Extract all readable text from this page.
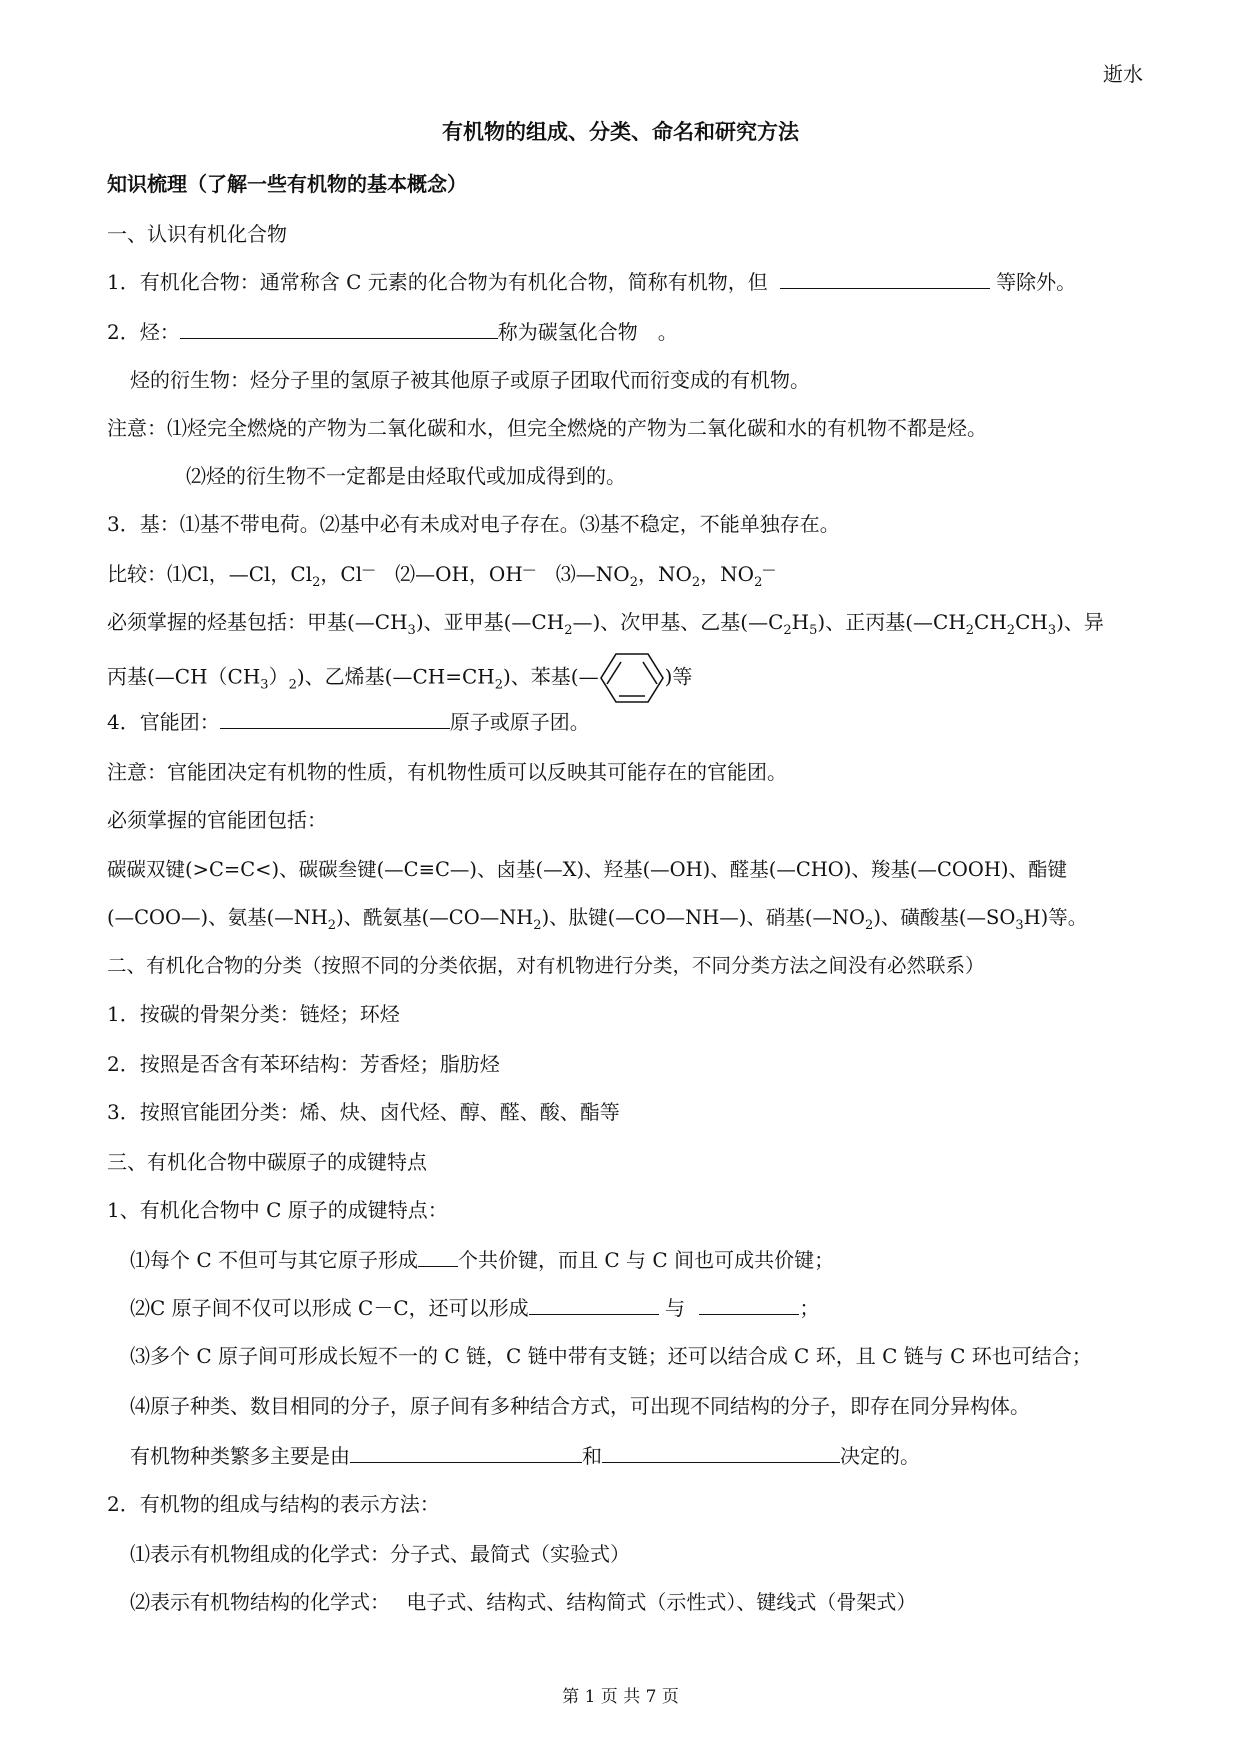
逝水
有机物的组成、分类、命名和研究方法
知识梳理（了解一些有机物的基本概念）
一、认识有机化合物
1．有机化合物：通常称含 C 元素的化合物为有机化合物，简称有机物，但	等除外。
2．烃：	称为碳氢化合物　。
烃的衍生物：烃分子里的氢原子被其他原子或原子团取代而衍变成的有机物。
注意：⑴烃完全燃烧的产物为二氧化碳和水，但完全燃烧的产物为二氧化碳和水的有机物不都是烃。
⑵烃的衍生物不一定都是由烃取代或加成得到的。
3．基：⑴基不带电荷。⑵基中必有未成对电子存在。⑶基不稳定，不能单独存在。
比较：⑴Cl，—Cl，$Cl_2$，Cl—　⑵—OH，OH—　$⑶—NO_2$，$NO_2$，$NO_2^—$
必须掌握的烃基包括：甲基$(—CH_3)$、亚甲基$(—CH_2—)$、次甲基、乙基$(—C_2H_5)$、正丙基$(—CH_2CH_2CH_3)$、异
丙基$(—CH(CH_3)_2)$、乙烯基$(—CH=CH_2)$、苯基(—	)等
4．官能团：	原子或原子团。
注意：官能团决定有机物的性质，有机物性质可以反映其可能存在的官能团。
必须掌握的官能团包括：
碳碳双键(>C=C<)、碳碳叁键(—C≡C—)、卤基(—X)、羟基(—OH)、醛基(—CHO)、羧基(—COOH)、酯键
(—COO—)、氨基$(—NH_2)$、酰氨基$(—CO—NH_2)$、肽键(—CO—NH—)、硝基$(—NO_2)$、磺酸基$(—SO_3H)$等。
二、有机化合物的分类（按照不同的分类依据，对有机物进行分类，不同分类方法之间没有必然联系）
1．按碳的骨架分类：链烃；环烃
2．按照是否含有苯环结构：芳香烃；脂肪烃
3．按照官能团分类：烯、炔、卤代烃、醇、醛、酸、酯等
三、有机化合物中碳原子的成键特点
1、有机化合物中 C 原子的成键特点：
⑴每个 C 不但可与其它原子形成 个共价键，而且 C 与 C 间也可成共价键；
⑵C 原子间不仅可以形成 C－C，还可以形成	与	；
⑶多个 C 原子间可形成长短不一的 C 链，C 链中带有支链；还可以结合成 C 环，且 C 链与 C 环也可结合；
⑷原子种类、数目相同的分子，原子间有多种结合方式，可出现不同结构的分子，即存在同分异构体。
有机物种类繁多主要是由	和	决定的。
2．有机物的组成与结构的表示方法：
⑴表示有机物组成的化学式：分子式、最简式（实验式）
⑵表示有机物结构的化学式：　 电子式、结构式、结构简式（示性式）、键线式（骨架式）
第 1 页 共 7 页
